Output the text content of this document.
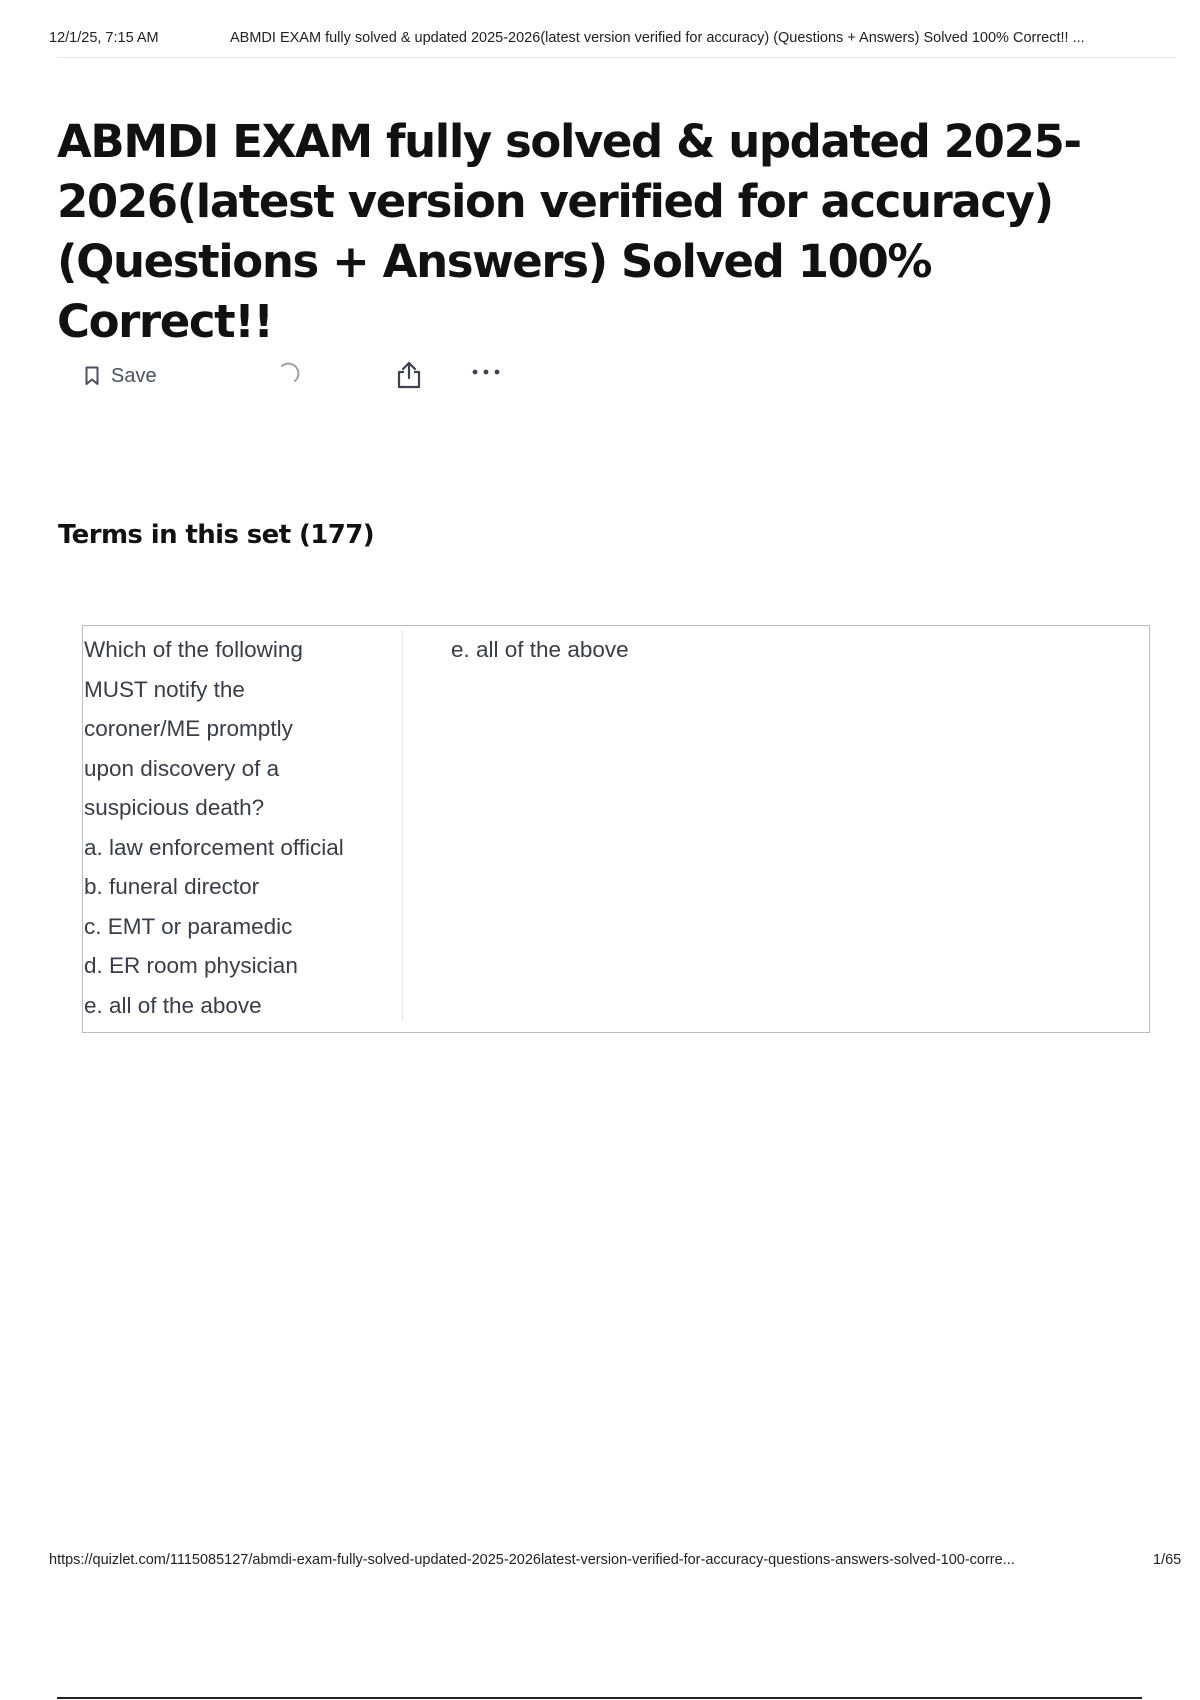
12/1/25, 7:15 AM	ABMDI EXAM fully solved & updated 2025-2026(latest version verified for accuracy) (Questions + Answers) Solved 100% Correct!! ...
ABMDI EXAM fully solved & updated 2025-2026(latest version verified for accuracy) (Questions + Answers) Solved 100% Correct!!
Save
Terms in this set (177)
Which of the following
MUST notify the
coroner/ME promptly
upon discovery of a
suspicious death?
a. law enforcement official
b. funeral director
c. EMT or paramedic
d. ER room physician
e. all of the above
e. all of the above
https://quizlet.com/1115085127/abmdi-exam-fully-solved-updated-2025-2026latest-version-verified-for-accuracy-questions-answers-solved-100-corre...	1/65
